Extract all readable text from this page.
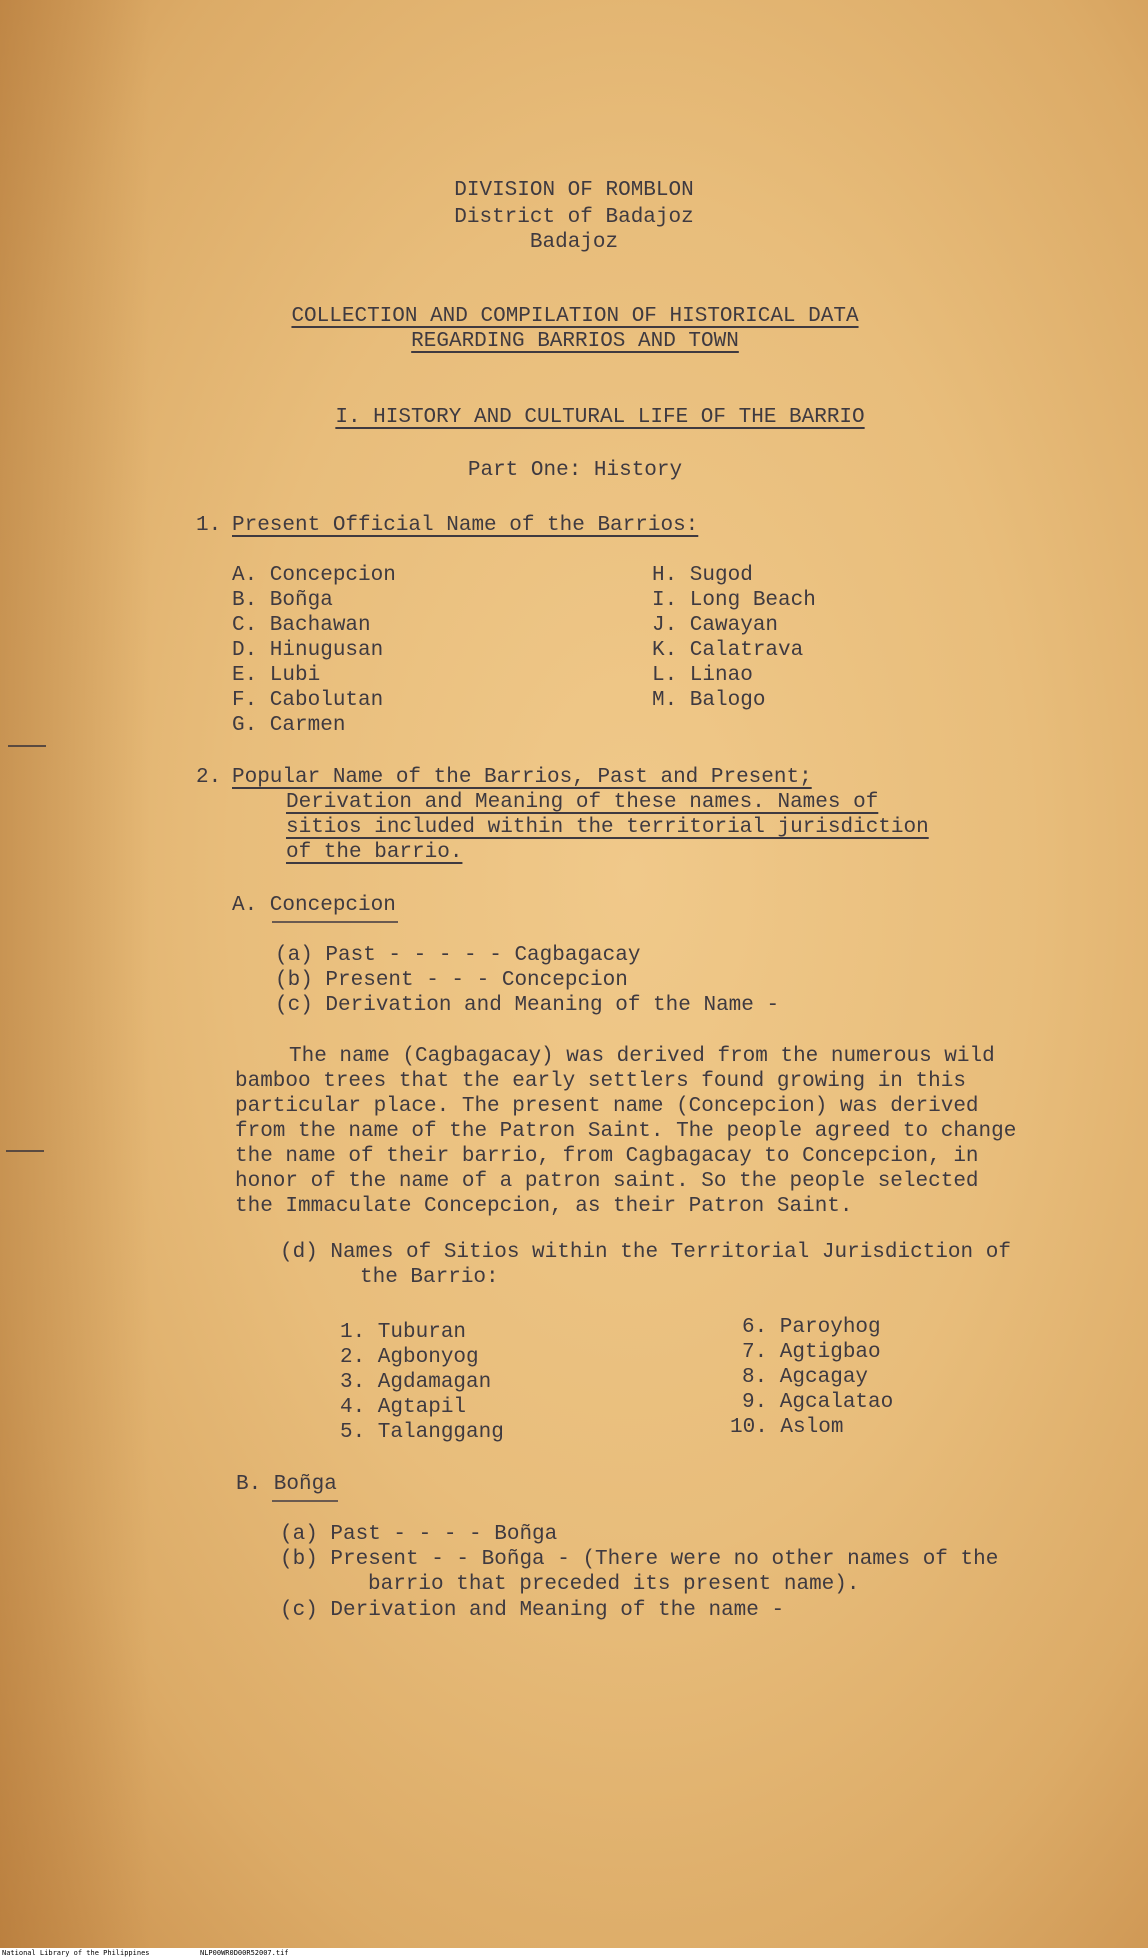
DIVISION OF ROMBLON
District of Badajoz
Badajoz
COLLECTION AND COMPILATION OF HISTORICAL DATA
REGARDING BARRIOS AND TOWN
I. HISTORY AND CULTURAL LIFE OF THE BARRIO
Part One: History
1. Present Official Name of the Barrios:
A. Concepcion
B. Boñga
C. Bachawan
D. Hinugusan
E. Lubi
F. Cabolutan
G. Carmen
H. Sugod
I. Long Beach
J. Cawayan
K. Calatrava
L. Linao
M. Balogo
2. Popular Name of the Barrios, Past and Present;
Derivation and Meaning of these names. Names of
sitios included within the territorial jurisdiction
of the barrio.
A. Concepcion
(a) Past - - - - - Cagbagacay
(b) Present - - - Concepcion
(c) Derivation and Meaning of the Name -
The name (Cagbagacay) was derived from the numerous wild
bamboo trees that the early settlers found growing in this
particular place. The present name (Concepcion) was derived
from the name of the Patron Saint. The people agreed to change
the name of their barrio, from Cagbagacay to Concepcion, in
honor of the name of a patron saint. So the people selected
the Immaculate Concepcion, as their Patron Saint.
(d) Names of Sitios within the Territorial Jurisdiction of
the Barrio:
1. Tuburan
2. Agbonyog
3. Agdamagan
4. Agtapil
5. Talanggang
6. Paroyhog
7. Agtigbao
8. Agcagay
9. Agcalatao
10. Aslom
B. Boñga
(a) Past - - - - Boñga
(b) Present - - Boñga - (There were no other names of the
barrio that preceded its present name).
(c) Derivation and Meaning of the name -
National Library of the Philippines	NLP00WR0D00R52007.tif
